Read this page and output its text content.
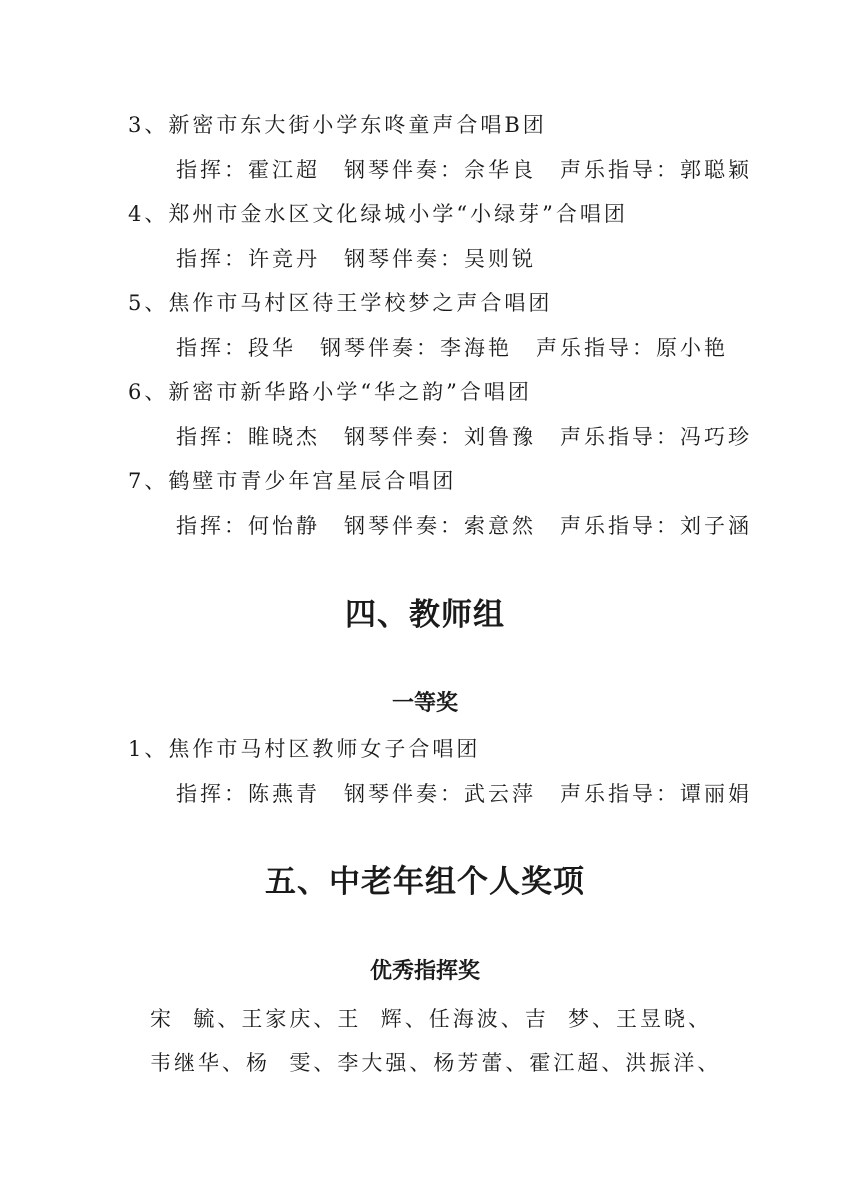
3、新密市东大街小学东咚童声合唱B团
指挥：霍江超 钢琴伴奏：佘华良 声乐指导：郭聪颖
4、郑州市金水区文化绿城小学“小绿芽”合唱团
指挥：许竞丹 钢琴伴奏：吴则锐
5、焦作市马村区待王学校梦之声合唱团
指挥：段华 钢琴伴奏：李海艳 声乐指导：原小艳
6、新密市新华路小学“华之韵”合唱团
指挥：睢晓杰 钢琴伴奏：刘鲁豫 声乐指导：冯巧珍
7、鹤壁市青少年宫星辰合唱团
指挥：何怡静 钢琴伴奏：索意然 声乐指导：刘子涵
四、教师组
一等奖
1、焦作市马村区教师女子合唱团
指挥：陈燕青 钢琴伴奏：武云萍 声乐指导：谭丽娟
五、中老年组个人奖项
优秀指挥奖
宋  毓、王家庆、王  辉、任海波、吉  梦、王昱晓、
韦继华、杨  雯、李大强、杨芳蕾、霍江超、洪振洋、
